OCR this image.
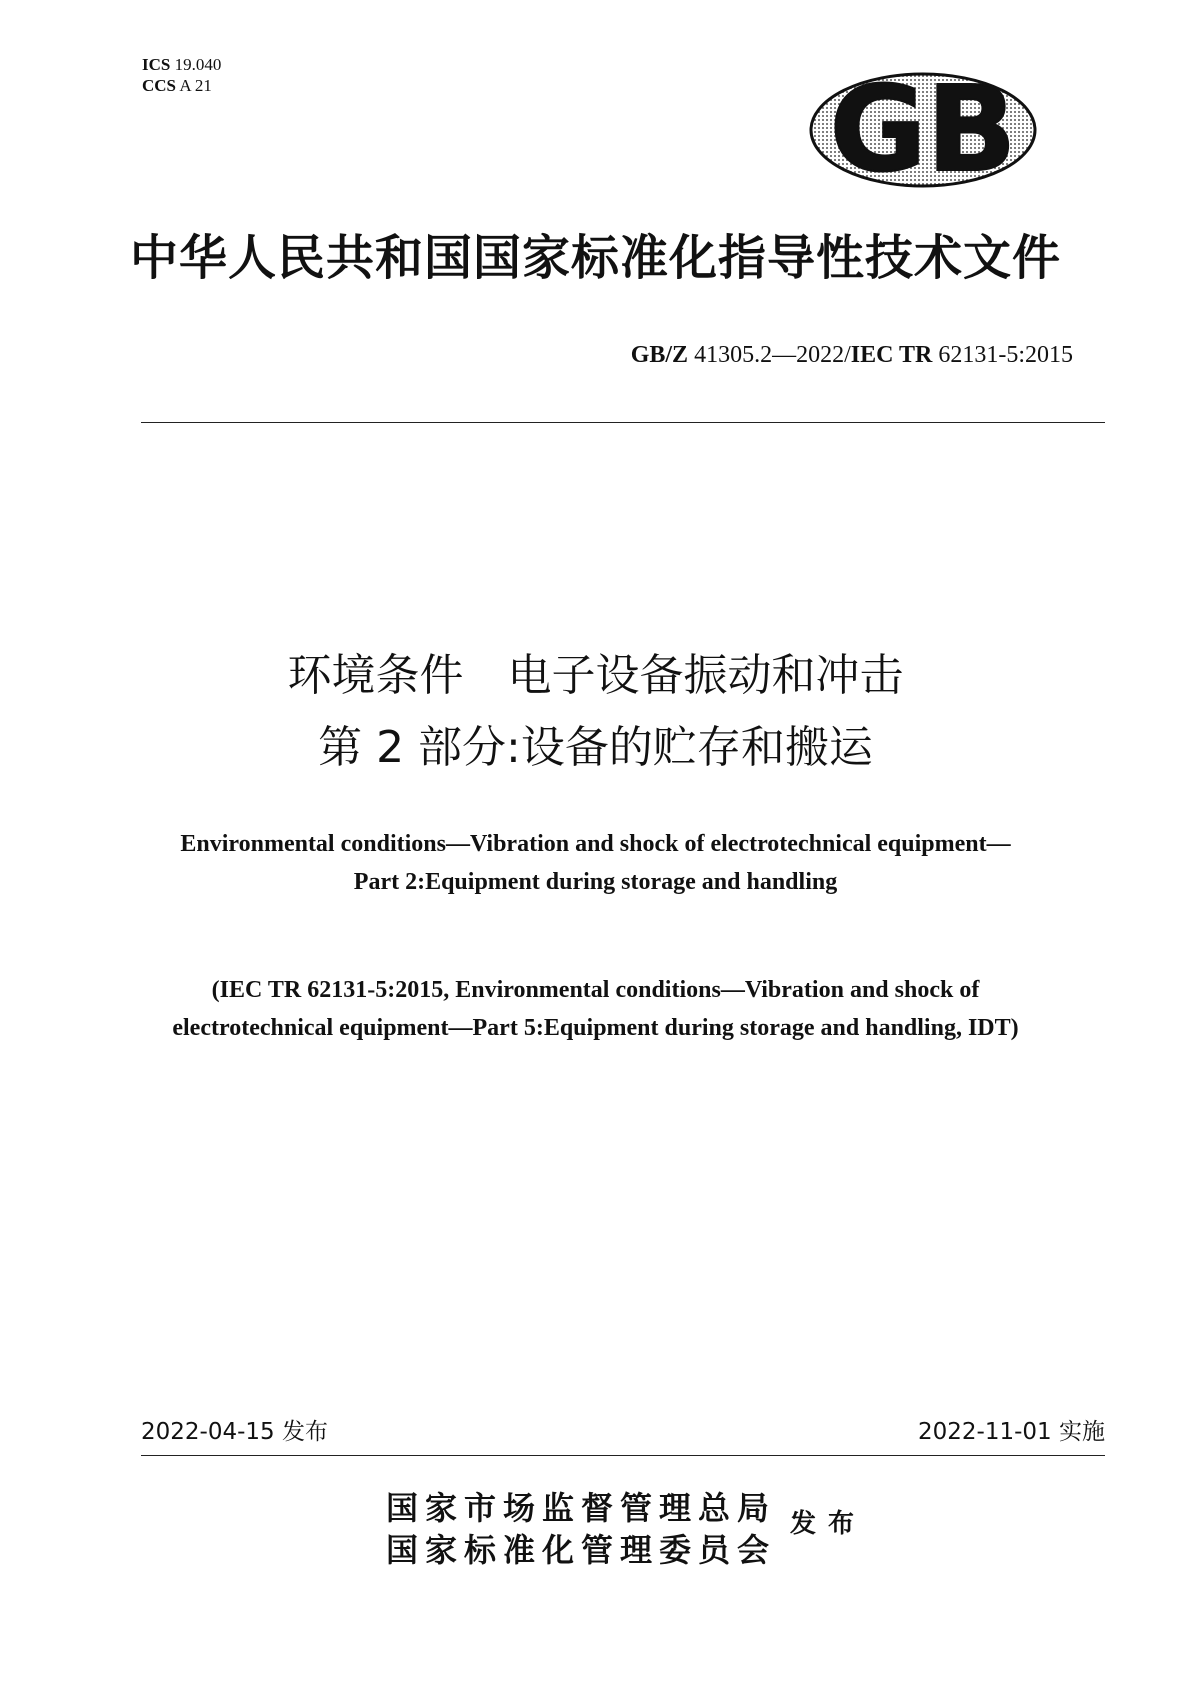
ICS 19.040
CCS A 21	GB
中华人民共和国国家标准化指导性技术文件
GB/Z 41305.2—2022/IEC TR 62131-5:2015
环境条件　电子设备振动和冲击
第 2 部分:设备的贮存和搬运
Environmental conditions—Vibration and shock of electrotechnical equipment—
Part 2:Equipment during storage and handling
(IEC TR 62131-5:2015, Environmental conditions—Vibration and shock of
electrotechnical equipment—Part 5:Equipment during storage and handling, IDT)
2022-04-15 发布	2022-11-01 实施
国家市场监督管理总局
国家标准化管理委员会
发布
